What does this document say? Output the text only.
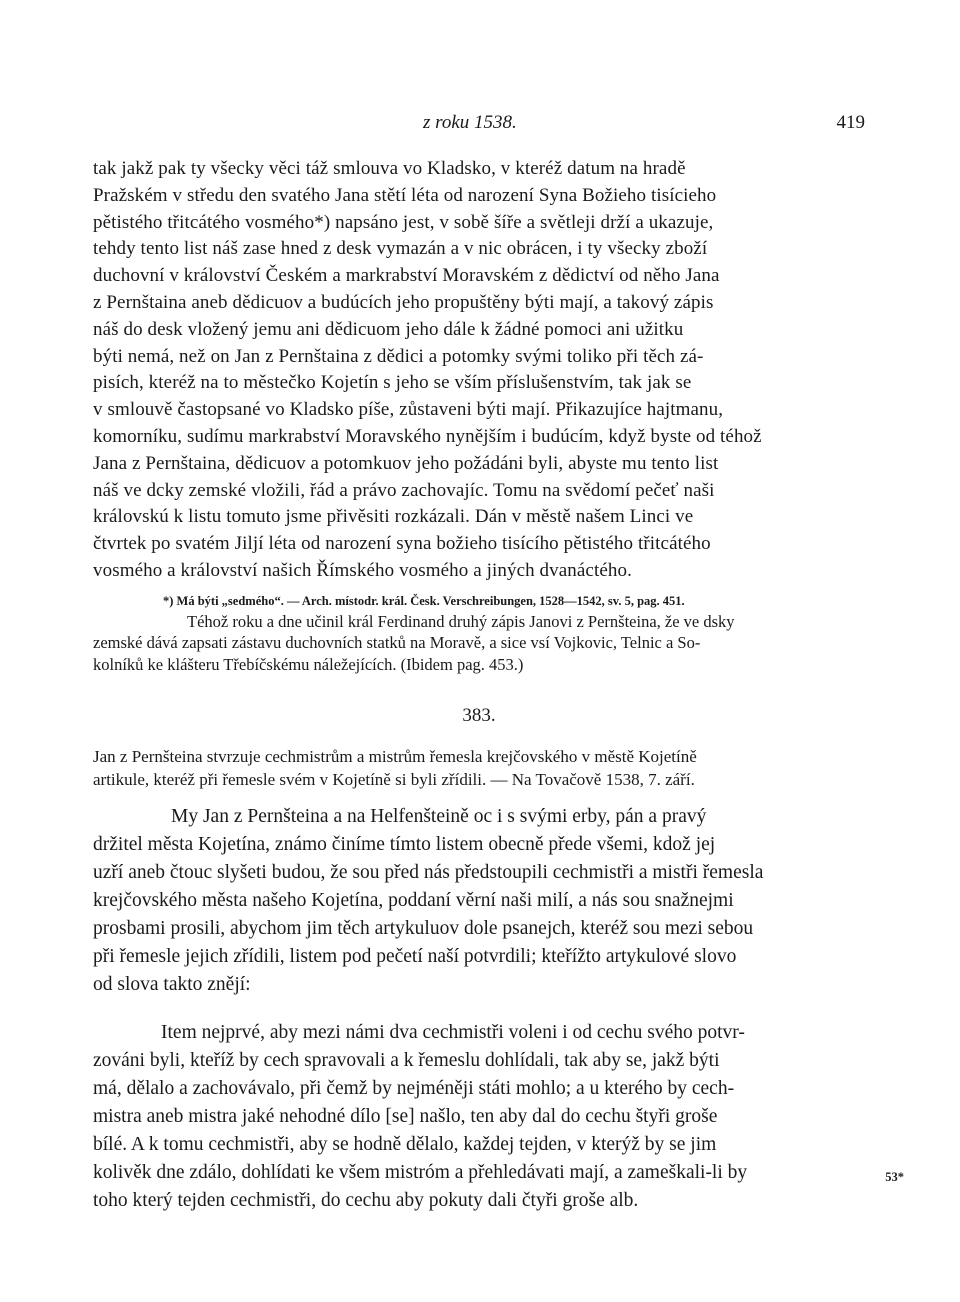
z roku 1538.	419

tak jakž pak ty všecky věci táž smlouva vo Kladsko, v kteréž datum na hradě
Pražském v středu den svatého Jana stětí léta od narození Syna Božieho tisícieho
pětistého třitcátého vosmého*) napsáno jest, v sobě šíře a světleji drží a ukazuje,
tehdy tento list náš zase hned z desk vymazán a v nic obrácen, i ty všecky zboží
duchovní v království Českém a markrabství Moravském z dědictví od něho Jana
z Pernštaina aneb dědicuov a budúcích jeho propuštěny býti mají, a takový zápis
náš do desk vložený jemu ani dědicuom jeho dále k žádné pomoci ani užitku
býti nemá, než on Jan z Pernštaina z dědici a potomky svými toliko při těch zá-
pisích, kteréž na to městečko Kojetín s jeho se vším příslušenstvím, tak jak se
v smlouvě častopsané vo Kladsko píše, zůstaveni býti mají. Přikazujíce hajtmanu,
komorníku, sudímu markrabství Moravského nynějším i budúcím, když byste od téhož
Jana z Pernštaina, dědicuov a potomkuov jeho požádáni byli, abyste mu tento list
náš ve dcky zemské vložili, řád a právo zachovajíc. Tomu na svědomí pečeť naši
královskú k listu tomuto jsme přivěsiti rozkázali. Dán v městě našem Linci ve
čtvrtek po svatém Jiljí léta od narození syna božieho tisícího pětistého třitcátého
vosmého a království našich Římského vosmého a jiných dvanáctého.

*) Má býti „sedmého“. — Arch. místodr. král. Česk. Verschreibungen, 1528—1542, sv. 5, pag. 451.

Téhož roku a dne učinil král Ferdinand druhý zápis Janovi z Pernšteina, že ve dsky
zemské dává zapsati zástavu duchovních statků na Moravě, a sice vsí Vojkovic, Telnic a So-
kolníků ke klášteru Třebíčskému náležejících. (Ibidem pag. 453.)

383.

Jan z Pernšteina stvrzuje cechmistrům a mistrům řemesla krejčovského v městě Kojetíně
artikule, kteréž při řemesle svém v Kojetíně si byli zřídili. — Na Tovačově 1538, 7. září.

My Jan z Pernšteina a na Helfenšteině oc i s svými erby, pán a pravý
držitel města Kojetína, známo činíme tímto listem obecně přede všemi, kdož jej
uzří aneb čtouc slyšeti budou, že sou před nás předstoupili cechmistři a mistři řemesla
krejčovského města našeho Kojetína, poddaní věrní naši milí, a nás sou snažnejmi
prosbami prosili, abychom jim těch artykuluov dole psanejch, kteréž sou mezi sebou
při řemesle jejich zřídili, listem pod pečetí naší potvrdili; kteřížto artykulové slovo
od slova takto znějí:

Item nejprvé, aby mezi námi dva cechmistři voleni i od cechu svého potvr-
zováni byli, kteříž by cech spravovali a k řemeslu dohlídali, tak aby se, jakž býti
má, dělalo a zachovávalo, při čemž by nejméněji státi mohlo; a u kterého by cech-
mistra aneb mistra jaké nehodné dílo [se] našlo, ten aby dal do cechu štyři groše
bílé. A k tomu cechmistři, aby se hodně dělalo, každej tejden, v kterýž by se jim
kolivěk dne zdálo, dohlídati ke všem mistróm a přehledávati mají, a zameškali-li by
toho který tejden cechmistři, do cechu aby pokuty dali čtyři groše alb.

53*
